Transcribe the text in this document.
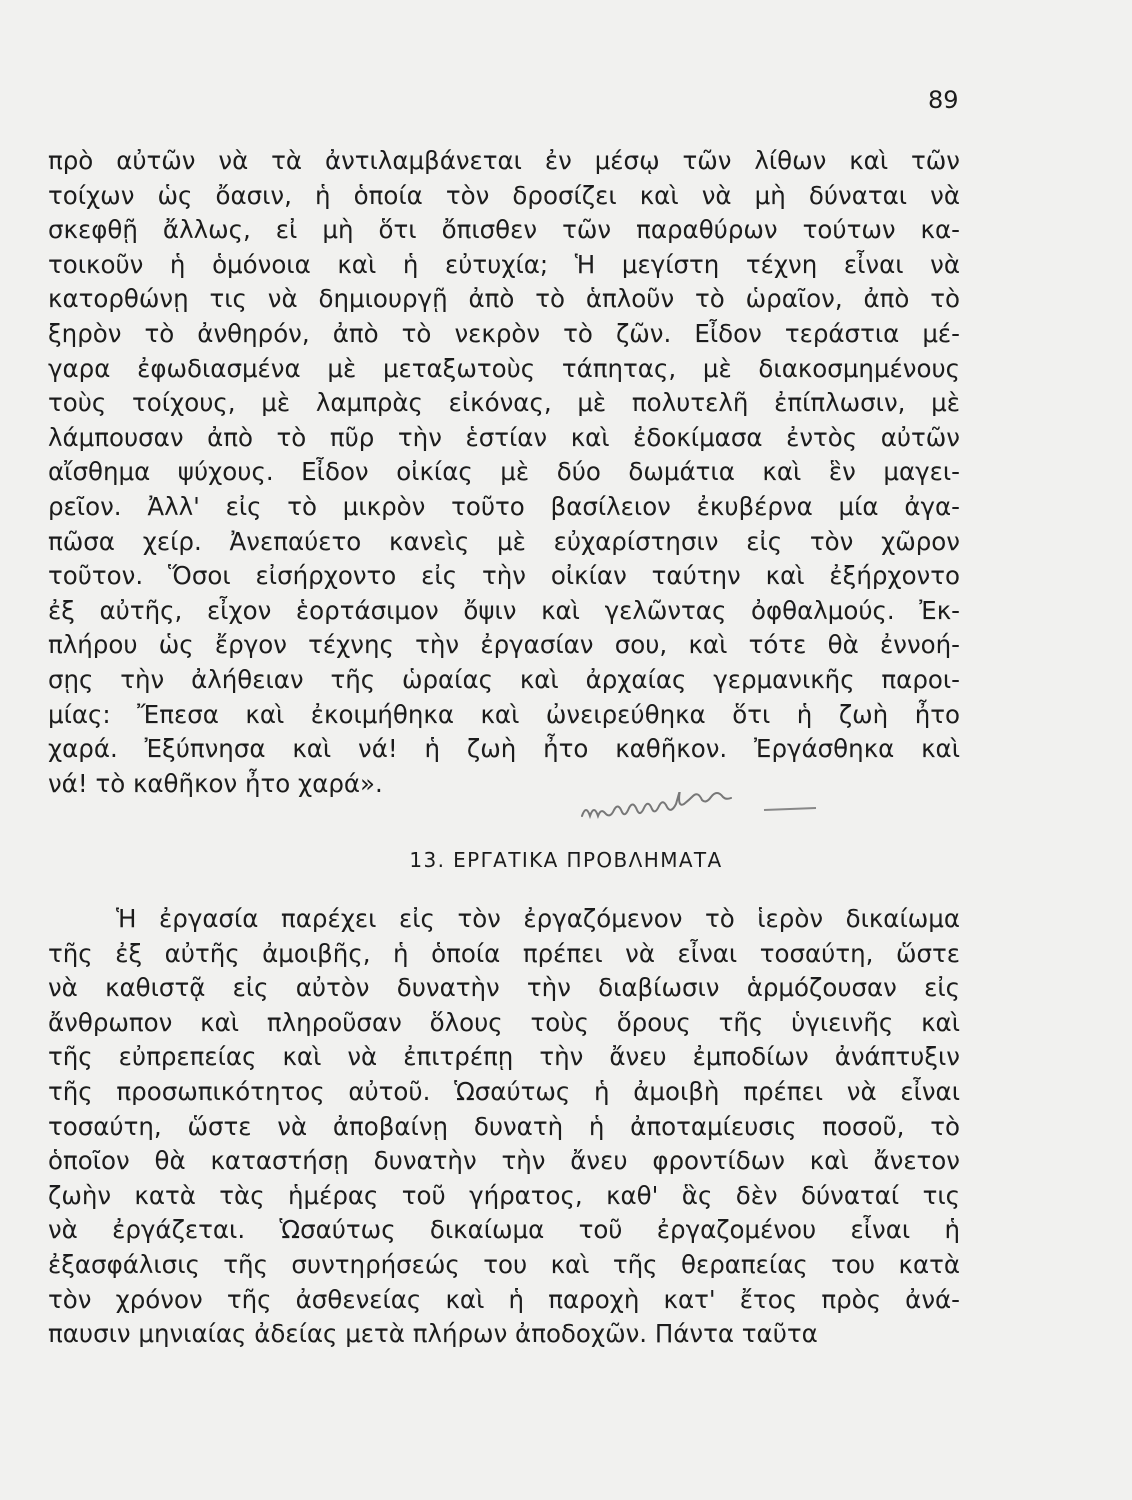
89
πρὸ αὐτῶν νὰ τὰ ἀντιλαμβάνεται ἐν μέσῳ τῶν λίθων καὶ τῶν
τοίχων ὡς ὄασιν, ἡ ὁποία τὸν δροσίζει καὶ νὰ μὴ δύναται νὰ
σκεφθῇ ἄλλως, εἰ μὴ ὅτι ὄπισθεν τῶν παραθύρων τούτων κα-
τοικοῦν ἡ ὁμόνοια καὶ ἡ εὐτυχία; Ἡ μεγίστη τέχνη εἶναι νὰ
κατορθώνῃ τις νὰ δημιουργῇ ἀπὸ τὸ ἁπλοῦν τὸ ὡραῖον, ἀπὸ τὸ
ξηρὸν τὸ ἀνθηρόν, ἀπὸ τὸ νεκρὸν τὸ ζῶν. Εἶδον τεράστια μέ-
γαρα ἐφωδιασμένα μὲ μεταξωτοὺς τάπητας, μὲ διακοσμημένους
τοὺς τοίχους, μὲ λαμπρὰς εἰκόνας, μὲ πολυτελῆ ἐπίπλωσιν, μὲ
λάμπουσαν ἀπὸ τὸ πῦρ τὴν ἑστίαν καὶ ἐδοκίμασα ἐντὸς αὐτῶν
αἴσθημα ψύχους. Εἶδον οἰκίας μὲ δύο δωμάτια καὶ ἓν μαγει-
ρεῖον. Ἀλλ' εἰς τὸ μικρὸν τοῦτο βασίλειον ἐκυβέρνα μία ἀγα-
πῶσα χείρ. Ἀνεπαύετο κανεὶς μὲ εὐχαρίστησιν εἰς τὸν χῶρον
τοῦτον. Ὅσοι εἰσήρχοντο εἰς τὴν οἰκίαν ταύτην καὶ ἐξήρχοντο
ἐξ αὐτῆς, εἶχον ἑορτάσιμον ὄψιν καὶ γελῶντας ὀφθαλμούς. Ἐκ-
πλήρου ὡς ἔργον τέχνης τὴν ἐργασίαν σου, καὶ τότε θὰ ἐννοή-
σῃς τὴν ἀλήθειαν τῆς ὡραίας καὶ ἀρχαίας γερμανικῆς παροι-
μίας: Ἔπεσα καὶ ἐκοιμήθηκα καὶ ὠνειρεύθηκα ὅτι ἡ ζωὴ ἦτο
χαρά. Ἐξύπνησα καὶ νά! ἡ ζωὴ ἦτο καθῆκον. Ἐργάσθηκα καὶ
νά! τὸ καθῆκον ἦτο χαρά».
13. ΕΡΓΑΤΙΚΑ ΠΡΟΒΛΗΜΑΤΑ
Ἡ ἐργασία παρέχει εἰς τὸν ἐργαζόμενον τὸ ἱερὸν δικαίωμα
τῆς ἐξ αὐτῆς ἀμοιβῆς, ἡ ὁποία πρέπει νὰ εἶναι τοσαύτη, ὥστε
νὰ καθιστᾷ εἰς αὐτὸν δυνατὴν τὴν διαβίωσιν ἁρμόζουσαν εἰς
ἄνθρωπον καὶ πληροῦσαν ὅλους τοὺς ὅρους τῆς ὑγιεινῆς καὶ
τῆς εὐπρεπείας καὶ νὰ ἐπιτρέπῃ τὴν ἄνευ ἐμποδίων ἀνάπτυξιν
τῆς προσωπικότητος αὐτοῦ. Ὡσαύτως ἡ ἀμοιβὴ πρέπει νὰ εἶναι
τοσαύτη, ὥστε νὰ ἀποβαίνῃ δυνατὴ ἡ ἀποταμίευσις ποσοῦ, τὸ
ὁποῖον θὰ καταστήσῃ δυνατὴν τὴν ἄνευ φροντίδων καὶ ἄνετον
ζωὴν κατὰ τὰς ἡμέρας τοῦ γήρατος, καθ' ἃς δὲν δύναταί τις
νὰ ἐργάζεται. Ὡσαύτως δικαίωμα τοῦ ἐργαζομένου εἶναι ἡ
ἐξασφάλισις τῆς συντηρήσεώς του καὶ τῆς θεραπείας του κατὰ
τὸν χρόνον τῆς ἀσθενείας καὶ ἡ παροχὴ κατ' ἔτος πρὸς ἀνά-
παυσιν μηνιαίας ἀδείας μετὰ πλήρων ἀποδοχῶν. Πάντα ταῦτα
